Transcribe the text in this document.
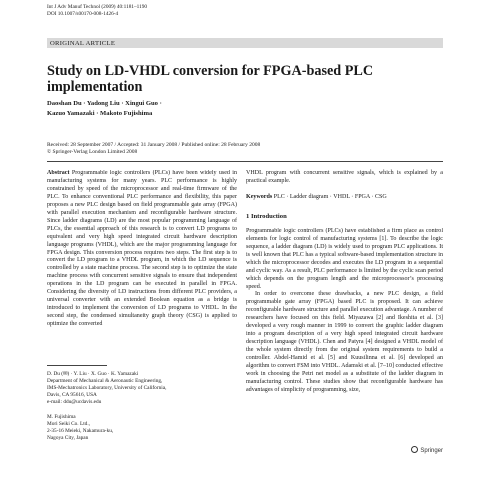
Int J Adv Manuf Technol (2009) 40:1181–1190
DOI 10.1007/s00170-008-1426-4
ORIGINAL ARTICLE
Study on LD-VHDL conversion for FPGA-based PLC implementation
Daoshan Du · Yadong Liu · Xingui Guo ·
Kazuo Yamazaki · Makoto Fujishima
Received: 28 September 2007 / Accepted: 31 January 2008 / Published online: 28 February 2008
© Springer-Verlag London Limited 2008
Abstract Programmable logic controllers (PLCs) have been widely used in manufacturing systems for many years. PLC performance is highly constrained by speed of the microprocessor and real-time firmware of the PLC. To enhance conventional PLC performance and flexibility, this paper proposes a new PLC design based on field programmable gate array (FPGA) with parallel execution mechanism and reconfigurable hardware structure. Since ladder diagrams (LD) are the most popular programming language of PLCs, the essential approach of this research is to convert LD programs to equivalent and very high speed integrated circuit hardware description language programs (VHDL), which are the major programming language for FPGA design. This conversion process requires two steps. The first step is to convert the LD program to a VHDL program, in which the LD sequence is controlled by a state machine process. The second step is to optimize the state machine process with concurrent sensitive signals to ensure that independent operations in the LD program can be executed in parallel in FPGA. Considering the diversity of LD instructions from different PLC providers, a universal converter with an extended Boolean equation as a bridge is introduced to implement the conversion of LD programs to VHDL. In the second step, the condensed simultaneity graph theory (CSG) is applied to optimize the converted
D. Du (✉) · Y. Liu · X. Guo · K. Yamazaki
Department of Mechanical & Aeronautic Engineering,
IMS-Mechatronics Laboratory, University of California,
Davis, CA 95616, USA
e-mail: ddu@ucdavis.edu
M. Fujishima
Mori Seiki Co. Ltd.,
2-35-16 Meieki, Nakamura-ku,
Nagoya City, Japan

VHDL program with concurrent sensitive signals, which is explained by a practical example.

Keywords PLC · Ladder diagram · VHDL · FPGA · CSG

1 Introduction

Programmable logic controllers (PLCs) have established a firm place as control elements for logic control of manufacturing systems [1]. To describe the logic sequence, a ladder diagram (LD) is widely used to program PLC applications. It is well known that PLC has a typical software-based implementation structure in which the microprocessor decodes and executes the LD program in a sequential and cyclic way. As a result, PLC performance is limited by the cyclic scan period which depends on the program length and the microprocessor’s processing speed.

In order to overcome these drawbacks, a new PLC design, a field programmable gate array (FPGA) based PLC is proposed. It can achieve reconfigurable hardware structure and parallel execution advantage. A number of researchers have focused on this field. Miyazawa [2] and Ikeshita et al. [3] developed a very rough manner in 1999 to convert the graphic ladder diagram into a program description of a very high speed integrated circuit hardware description language (VHDL). Chen and Patyra [4] designed a VHDL model of the whole system directly from the original system requirements to build a controller. Abdel-Hamid et al. [5] and Kuusilinna et al. [6] developed an algorithm to convert FSM into VHDL. Adamski et al. [7–10] conducted effective work in choosing the Petri net model as a substitute of the ladder diagram in manufacturing control. These studies show that reconfigurable hardware has advantages of simplicity of programming, size,

Springer
